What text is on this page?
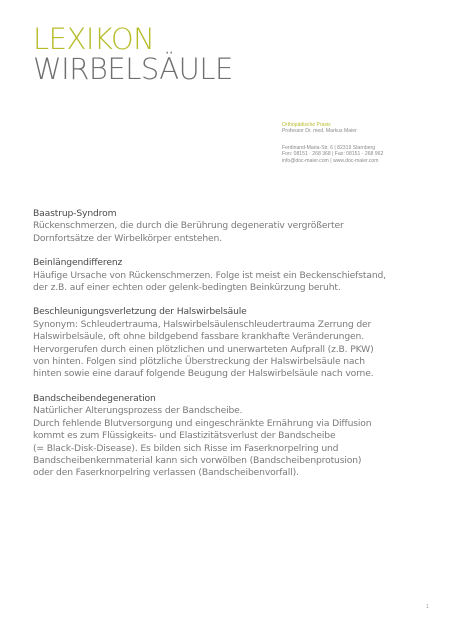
LEXIKON
WIRBELSÄULE
Orthopädische Praxis
Professor Dr. med. Markus Maier
Ferdinand-Maria-Str. 6 | 82319 Starnberg
Fon: 08151 · 268 368 | Fax: 08151 · 268 962
info@doc-maier.com | www.doc-maier.com

Baastrup-Syndrom

Rückenschmerzen, die durch die Berührung degenerativ vergrößerter
Dornfortsätze der Wirbelkörper entstehen.

Beinlängendifferenz

Häufige Ursache von Rückenschmerzen. Folge ist meist ein Beckenschiefstand,
der z.B. auf einer echten oder gelenk-bedingten Beinkürzung beruht.

Beschleunigungsverletzung der Halswirbelsäule

Synonym: Schleudertrauma, Halswirbelsäulenschleudertrauma Zerrung der
Halswirbelsäule, oft ohne bildgebend fassbare krankhafte Veränderungen.
Hervorgerufen durch einen plötzlichen und unerwarteten Aufprall (z.B. PKW)
von hinten. Folgen sind plötzliche Überstreckung der Halswirbelsäule nach
hinten sowie eine darauf folgende Beugung der Halswirbelsäule nach vorne.

Bandscheibendegeneration

Natürlicher Alterungsprozess der Bandscheibe.
Durch fehlende Blutversorgung und eingeschränkte Ernährung via Diffusion
kommt es zum Flüssigkeits- und Elastizitätsverlust der Bandscheibe
(= Black-Disk-Disease). Es bilden sich Risse im Faserknorpelring und
Bandscheibenkernmaterial kann sich vorwölben (Bandscheibenprotusion)
oder den Faserknorpelring verlassen (Bandscheibenvorfall).

1
